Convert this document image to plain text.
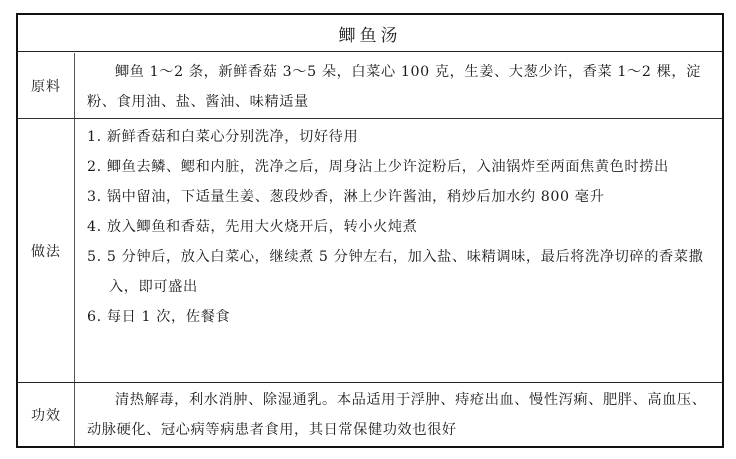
鲫鱼汤
原料

鲫鱼 1～2 条，新鲜香菇 3～5 朵，白菜心 100 克，生姜、大葱少许，香菜 1～2 棵，淀粉、食用油、盐、酱油、味精适量

做法

1. 新鲜香菇和白菜心分别洗净，切好待用

2. 鲫鱼去鳞、鳃和内脏，洗净之后，周身沾上少许淀粉后，入油锅炸至两面焦黄色时捞出

3. 锅中留油，下适量生姜、葱段炒香，淋上少许酱油，稍炒后加水约 800 毫升

4. 放入鲫鱼和香菇，先用大火烧开后，转小火炖煮

5. 5 分钟后，放入白菜心，继续煮 5 分钟左右，加入盐、味精调味，最后将洗净切碎的香菜撒入，即可盛出

6. 每日 1 次，佐餐食

功效

清热解毒，利水消肿、除湿通乳。本品适用于浮肿、痔疮出血、慢性泻痢、肥胖、高血压、动脉硬化、冠心病等病患者食用，其日常保健功效也很好
